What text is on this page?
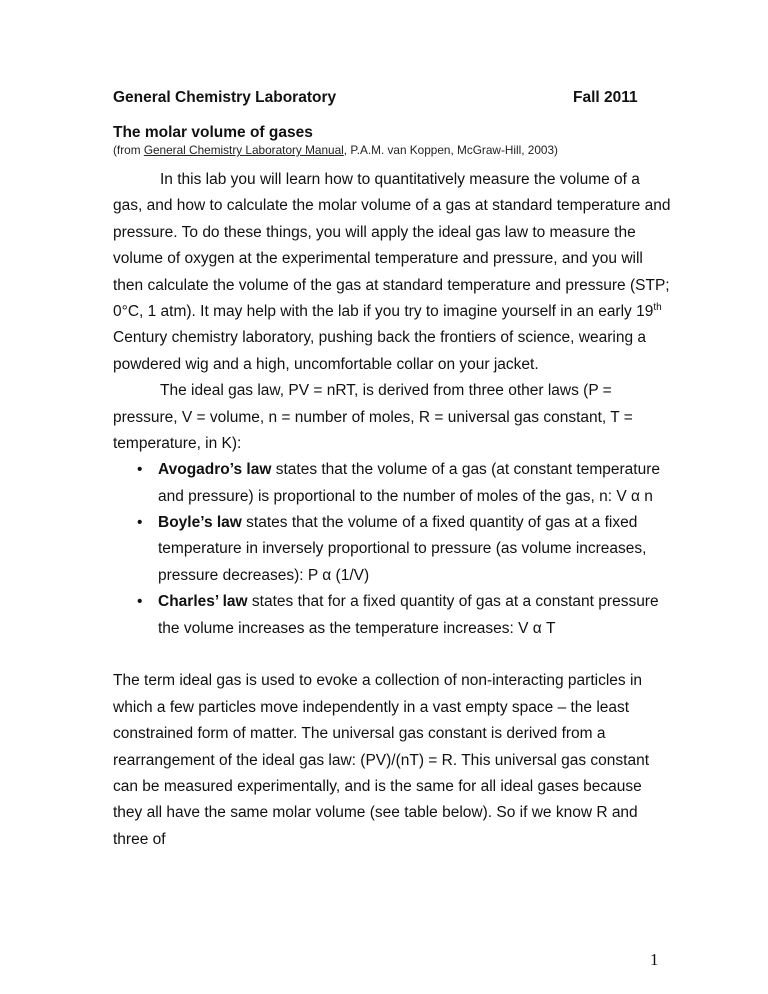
General Chemistry Laboratory	Fall 2011
The molar volume of gases
(from General Chemistry Laboratory Manual, P.A.M. van Koppen, McGraw-Hill, 2003)
In this lab you will learn how to quantitatively measure the volume of a
gas, and how to calculate the molar volume of a gas at standard temperature and
pressure. To do these things, you will apply the ideal gas law to measure the
volume of oxygen at the experimental temperature and pressure, and you will
then calculate the volume of the gas at standard temperature and pressure (STP;
0°C, 1 atm). It may help with the lab if you try to imagine yourself in an early 19th
Century chemistry laboratory, pushing back the frontiers of science, wearing a
powdered wig and a high, uncomfortable collar on your jacket.
The ideal gas law, PV = nRT, is derived from three other laws (P =
pressure, V = volume, n = number of moles, R = universal gas constant, T =
temperature, in K):
• Avogadro’s law states that the volume of a gas (at constant temperature
and pressure) is proportional to the number of moles of the gas, n: V α n
• Boyle’s law states that the volume of a fixed quantity of gas at a fixed
temperature in inversely proportional to pressure (as volume increases,
pressure decreases): P α (1/V)
• Charles’ law states that for a fixed quantity of gas at a constant pressure
the volume increases as the temperature increases: V α T
The term ideal gas is used to evoke a collection of non-interacting particles in
which a few particles move independently in a vast empty space – the least
constrained form of matter. The universal gas constant is derived from a
rearrangement of the ideal gas law: (PV)/(nT) = R. This universal gas constant
can be measured experimentally, and is the same for all ideal gases because
they all have the same molar volume (see table below). So if we know R and
three of
1
